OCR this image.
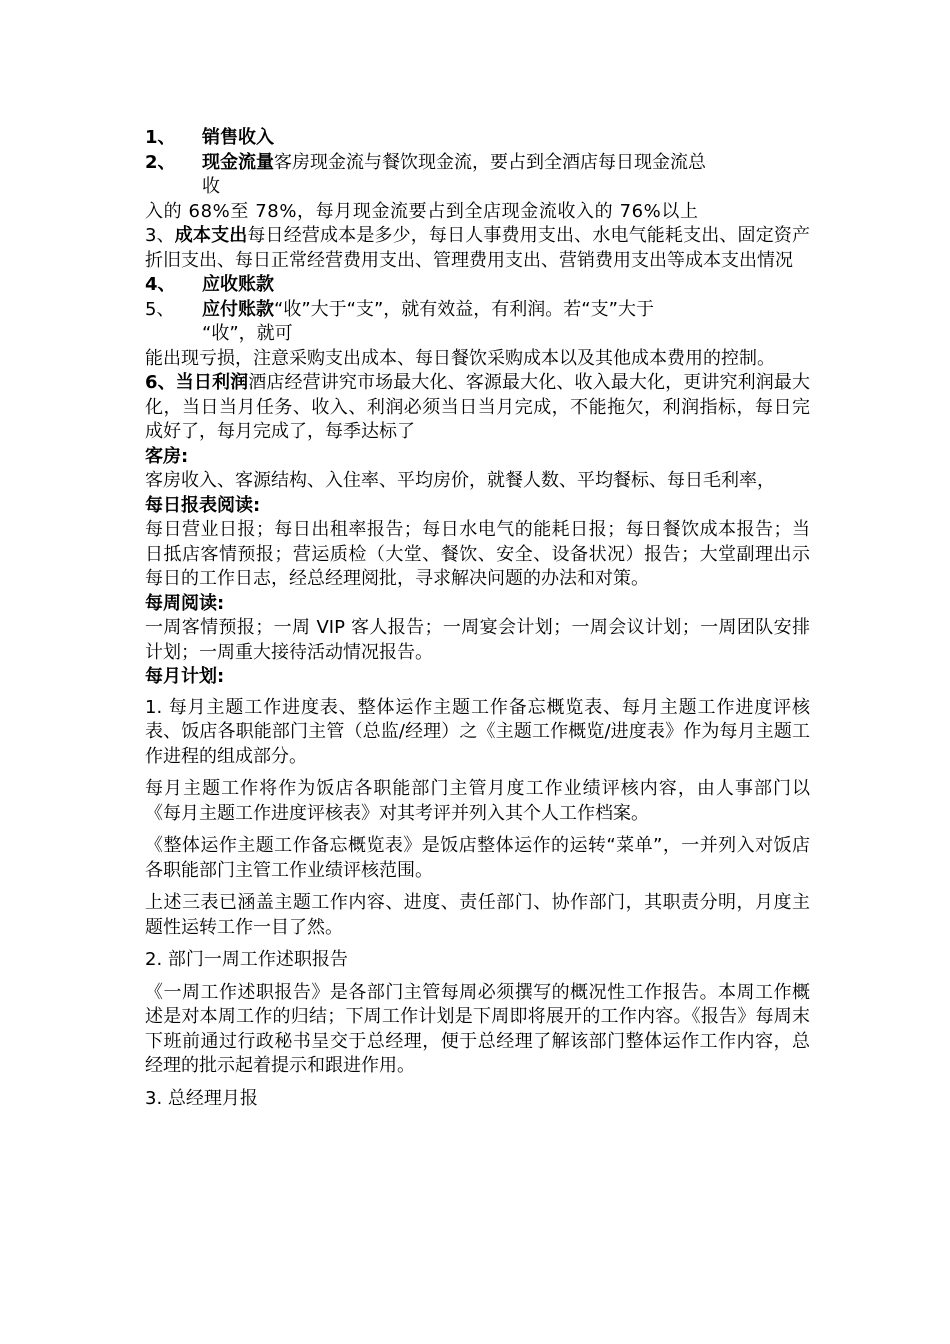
1、	销售收入
2、	现金流量客房现金流与餐饮现金流，要占到全酒店每日现金流总
收
入的 68%至 78%，每月现金流要占到全店现金流收入的 76%以上
3、成本支出每日经营成本是多少，每日人事费用支出、水电气能耗支出、固定资产折旧支出、每日正常经营费用支出、管理费用支出、营销费用支出等成本支出情况
4、	应收账款
5、	应付账款“收”大于“支”，就有效益，有利润。若“支”大于
“收”，就可
能出现亏损，注意采购支出成本、每日餐饮采购成本以及其他成本费用的控制。
6、当日利润酒店经营讲究市场最大化、客源最大化、收入最大化，更讲究利润最大化，当日当月任务、收入、利润必须当日当月完成，不能拖欠，利润指标，每日完成好了，每月完成了，每季达标了
客房:
客房收入、客源结构、入住率、平均房价，就餐人数、平均餐标、每日毛利率，
每日报表阅读:
每日营业日报；每日出租率报告；每日水电气的能耗日报；每日餐饮成本报告；当日抵店客情预报；营运质检（大堂、餐饮、安全、设备状况）报告；大堂副理出示每日的工作日志，经总经理阅批，寻求解决问题的办法和对策。
每周阅读:
一周客情预报；一周 VIP 客人报告；一周宴会计划；一周会议计划；一周团队安排计划；一周重大接待活动情况报告。
每月计划:
1. 每月主题工作进度表、整体运作主题工作备忘概览表、每月主题工作进度评核表、饭店各职能部门主管（总监/经理）之《主题工作概览/进度表》作为每月主题工作进程的组成部分。
每月主题工作将作为饭店各职能部门主管月度工作业绩评核内容，由人事部门以《每月主题工作进度评核表》对其考评并列入其个人工作档案。
《整体运作主题工作备忘概览表》是饭店整体运作的运转“菜单”，一并列入对饭店各职能部门主管工作业绩评核范围。
上述三表已涵盖主题工作内容、进度、责任部门、协作部门，其职责分明，月度主题性运转工作一目了然。
2. 部门一周工作述职报告
《一周工作述职报告》是各部门主管每周必须撰写的概况性工作报告。本周工作概述是对本周工作的归结；下周工作计划是下周即将展开的工作内容。《报告》每周末下班前通过行政秘书呈交于总经理，便于总经理了解该部门整体运作工作内容，总经理的批示起着提示和跟进作用。
3. 总经理月报
